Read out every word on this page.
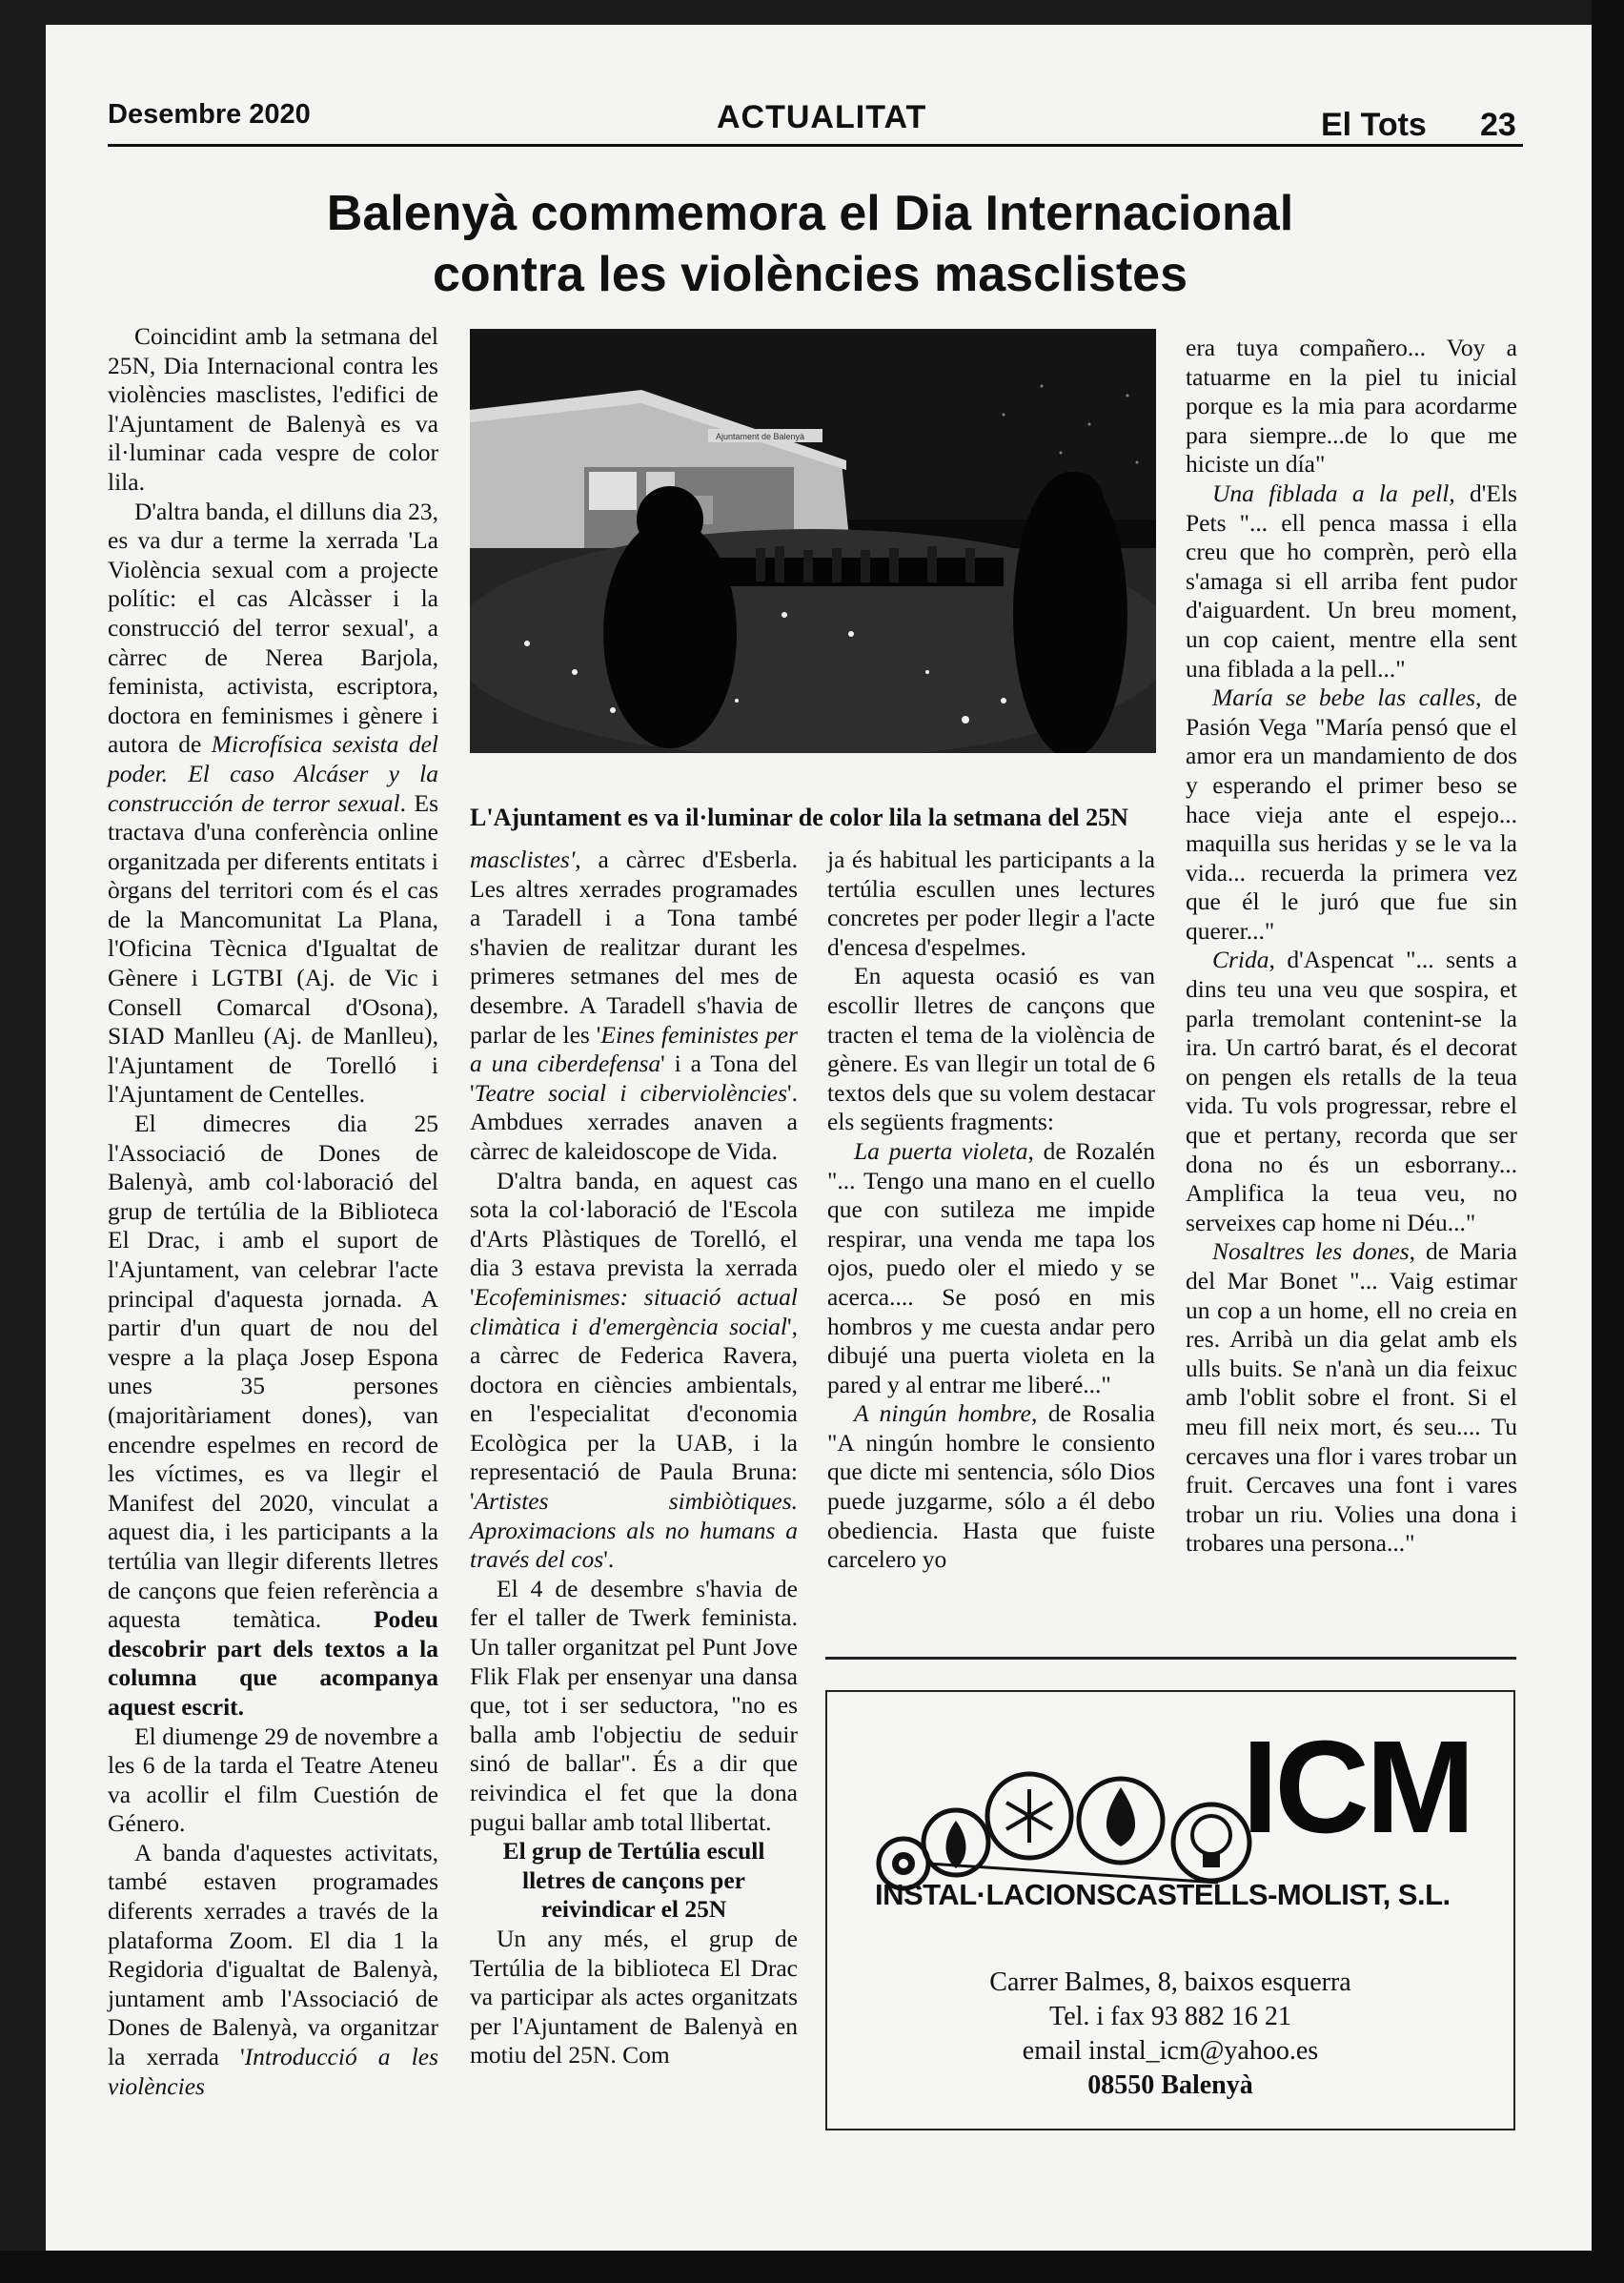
Desembre 2020	ACTUALITAT	El Tots 23
Balenyà commemora el Dia Internacional
contra les violències masclistes

Coincidint amb la setmana del 25N, Dia Internacional contra les violències masclistes, l'edifici de l'Ajuntament de Balenyà es va il·luminar cada vespre de color lila.

D'altra banda, el dilluns dia 23, es va dur a terme la xerrada 'La Violència sexual com a projecte polític: el cas Alcàsser i la construcció del terror sexual', a càrrec de Nerea Barjola, feminista, activista, escriptora, doctora en feminismes i gènere i autora de Microfísica sexista del poder. El caso Alcáser y la construcción de terror sexual. Es tractava d'una conferència online organitzada per diferents entitats i òrgans del territori com és el cas de la Mancomunitat La Plana, l'Oficina Tècnica d'Igualtat de Gènere i LGTBI (Aj. de Vic i Consell Comarcal d'Osona), SIAD Manlleu (Aj. de Manlleu), l'Ajuntament de Torelló i l'Ajuntament de Centelles.

El dimecres dia 25 l'Associació de Dones de Balenyà, amb col·laboració del grup de tertúlia de la Biblioteca El Drac, i amb el suport de l'Ajuntament, van celebrar l'acte principal d'aquesta jornada. A partir d'un quart de nou del vespre a la plaça Josep Espona unes 35 persones (majoritàriament dones), van encendre espelmes en record de les víctimes, es va llegir el Manifest del 2020, vinculat a aquest dia, i les participants a la tertúlia van llegir diferents lletres de cançons que feien referència a aquesta temàtica. Podeu descobrir part dels textos a la columna que acompanya aquest escrit.

El diumenge 29 de novembre a les 6 de la tarda el Teatre Ateneu va acollir el film Cuestión de Género.

A banda d'aquestes activitats, també estaven programades diferents xerrades a través de la plataforma Zoom. El dia 1 la Regidoria d'igualtat de Balenyà, juntament amb l'Associació de Dones de Balenyà, va organitzar la xerrada 'Introducció a les violències

Ajuntament de Balenyà
L'Ajuntament es va il·luminar de color lila la setmana del 25N

masclistes', a càrrec d'Esberla. Les altres xerrades programades a Taradell i a Tona també s'havien de realitzar durant les primeres setmanes del mes de desembre. A Taradell s'havia de parlar de les 'Eines feministes per a una ciberdefensa' i a Tona del 'Teatre social i ciberviolències'. Ambdues xerrades anaven a càrrec de kaleidoscope de Vida.

D'altra banda, en aquest cas sota la col·laboració de l'Escola d'Arts Plàstiques de Torelló, el dia 3 estava prevista la xerrada 'Ecofeminismes: situació actual climàtica i d'emergència social', a càrrec de Federica Ravera, doctora en ciències ambientals, en l'especialitat d'economia Ecològica per la UAB, i la representació de Paula Bruna: 'Artistes simbiòtiques. Aproximacions als no humans a través del cos'.

El 4 de desembre s'havia de fer el taller de Twerk feminista. Un taller organitzat pel Punt Jove Flik Flak per ensenyar una dansa que, tot i ser seductora, "no es balla amb l'objectiu de seduir sinó de ballar". És a dir que reivindica el fet que la dona pugui ballar amb total llibertat.

El grup de Tertúlia escull lletres de cançons per reivindicar el 25N

Un any més, el grup de Tertúlia de la biblioteca El Drac va participar als actes organitzats per l'Ajuntament de Balenyà en motiu del 25N. Com

ja és habitual les participants a la tertúlia escullen unes lectures concretes per poder llegir a l'acte d'encesa d'espelmes.

En aquesta ocasió es van escollir lletres de cançons que tracten el tema de la violència de gènere. Es van llegir un total de 6 textos dels que su volem destacar els següents fragments:

La puerta violeta, de Rozalén "... Tengo una mano en el cuello que con sutileza me impide respirar, una venda me tapa los ojos, puedo oler el miedo y se acerca.... Se posó en mis hombros y me cuesta andar pero dibujé una puerta violeta en la pared y al entrar me liberé..."

A ningún hombre, de Rosalia "A ningún hombre le consiento que dicte mi sentencia, sólo Dios puede juzgarme, sólo a él debo obediencia. Hasta que fuiste carcelero yo

era tuya compañero... Voy a tatuarme en la piel tu inicial porque es la mia para acordarme para siempre...de lo que me hiciste un día"

Una fiblada a la pell, d'Els Pets "... ell penca massa i ella creu que ho comprèn, però ella s'amaga si ell arriba fent pudor d'aiguardent. Un breu moment, un cop caient, mentre ella sent una fiblada a la pell..."

María se bebe las calles, de Pasión Vega "María pensó que el amor era un mandamiento de dos y esperando el primer beso se hace vieja ante el espejo... maquilla sus heridas y se le va la vida... recuerda la primera vez que él le juró que fue sin querer..."

Crida, d'Aspencat "... sents a dins teu una veu que sospira, et parla tremolant contenint-se la ira. Un cartró barat, és el decorat on pengen els retalls de la teua vida. Tu vols progressar, rebre el que et pertany, recorda que ser dona no és un esborrany... Amplifica la teua veu, no serveixes cap home ni Déu..."

Nosaltres les dones, de Maria del Mar Bonet "... Vaig estimar un cop a un home, ell no creia en res. Arribà un dia gelat amb els ulls buits. Se n'anà un dia feixuc amb l'oblit sobre el front. Si el meu fill neix mort, és seu.... Tu cercaves una flor i vares trobar un fruit. Cercaves una font i vares trobar un riu. Volies una dona i trobares una persona..."

ICM
INSTAL·LACIONSCASTELLS-MOLIST, S.L.
Carrer Balmes, 8, baixos esquerra
Tel. i fax 93 882 16 21
email instal_icm@yahoo.es
08550 Balenyà
